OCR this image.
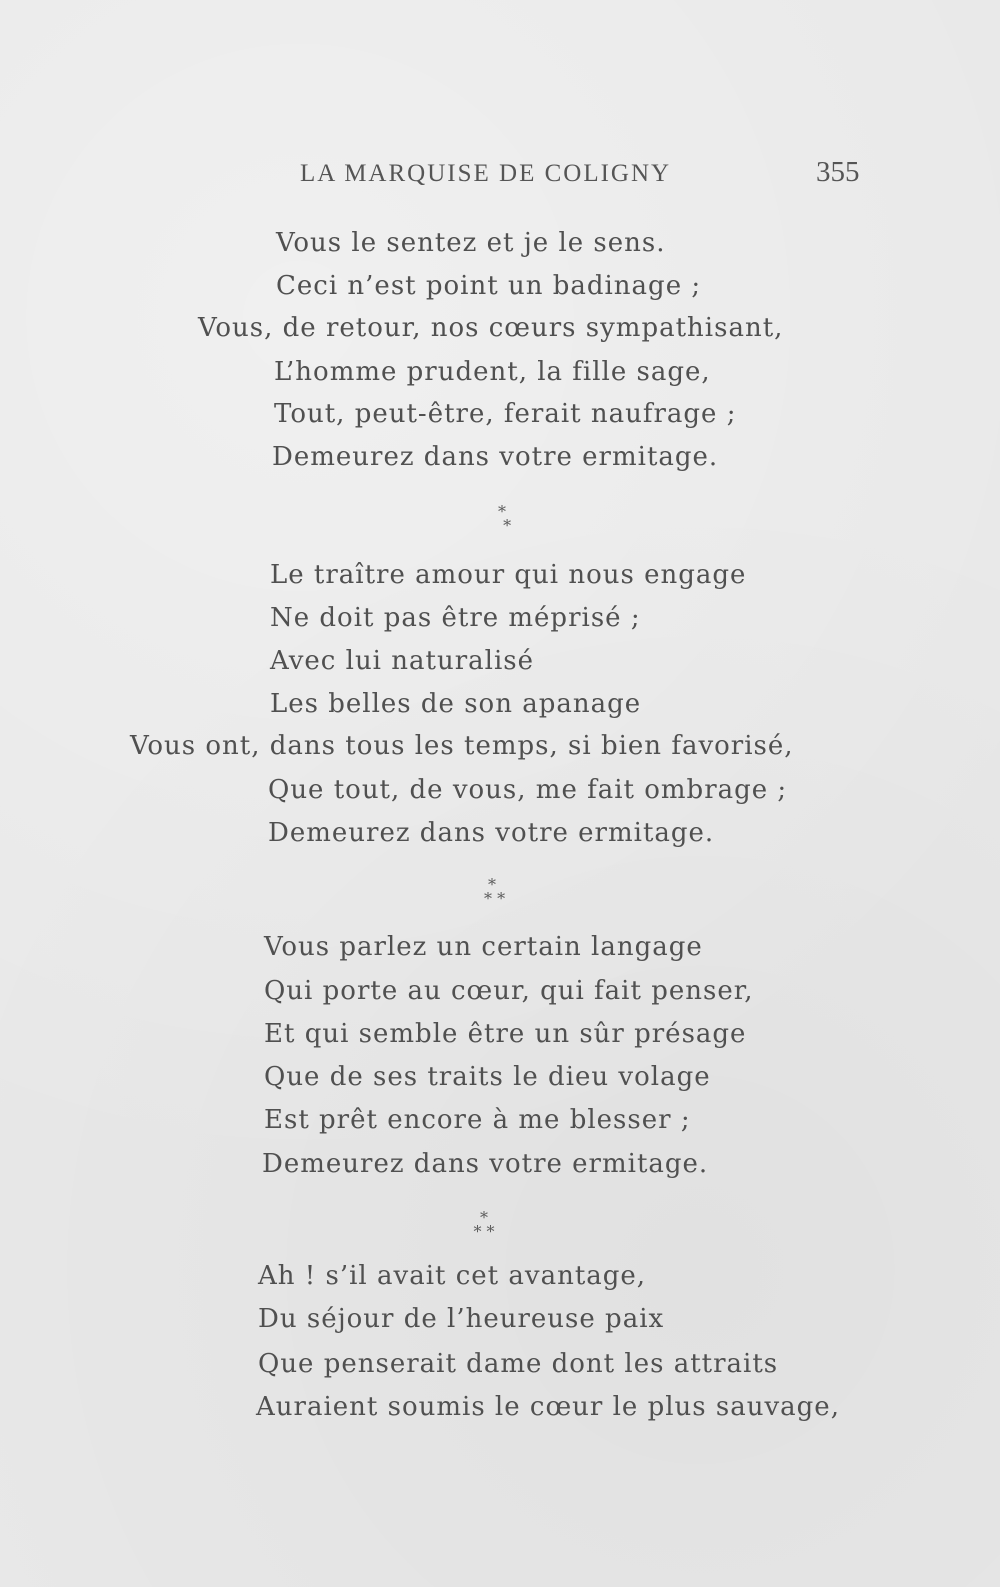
LA MARQUISE DE COLIGNY	355
Vous le sentez et je le sens.
Ceci n’est point un badinage ;
Vous, de retour, nos cœurs sympathisant,
L’homme prudent, la fille sage,
Tout, peut-être, ferait naufrage ;
Demeurez dans votre ermitage.
*
*
Le traître amour qui nous engage
Ne doit pas être méprisé ;
Avec lui naturalisé
Les belles de son apanage
Vous ont, dans tous les temps, si bien favorisé,
Que tout, de vous, me fait ombrage ;
Demeurez dans votre ermitage.
*
* *
Vous parlez un certain langage
Qui porte au cœur, qui fait penser,
Et qui semble être un sûr présage
Que de ses traits le dieu volage
Est prêt encore à me blesser ;
Demeurez dans votre ermitage.
*
* *
Ah ! s’il avait cet avantage,
Du séjour de l’heureuse paix
Que penserait dame dont les attraits
Auraient soumis le cœur le plus sauvage,
